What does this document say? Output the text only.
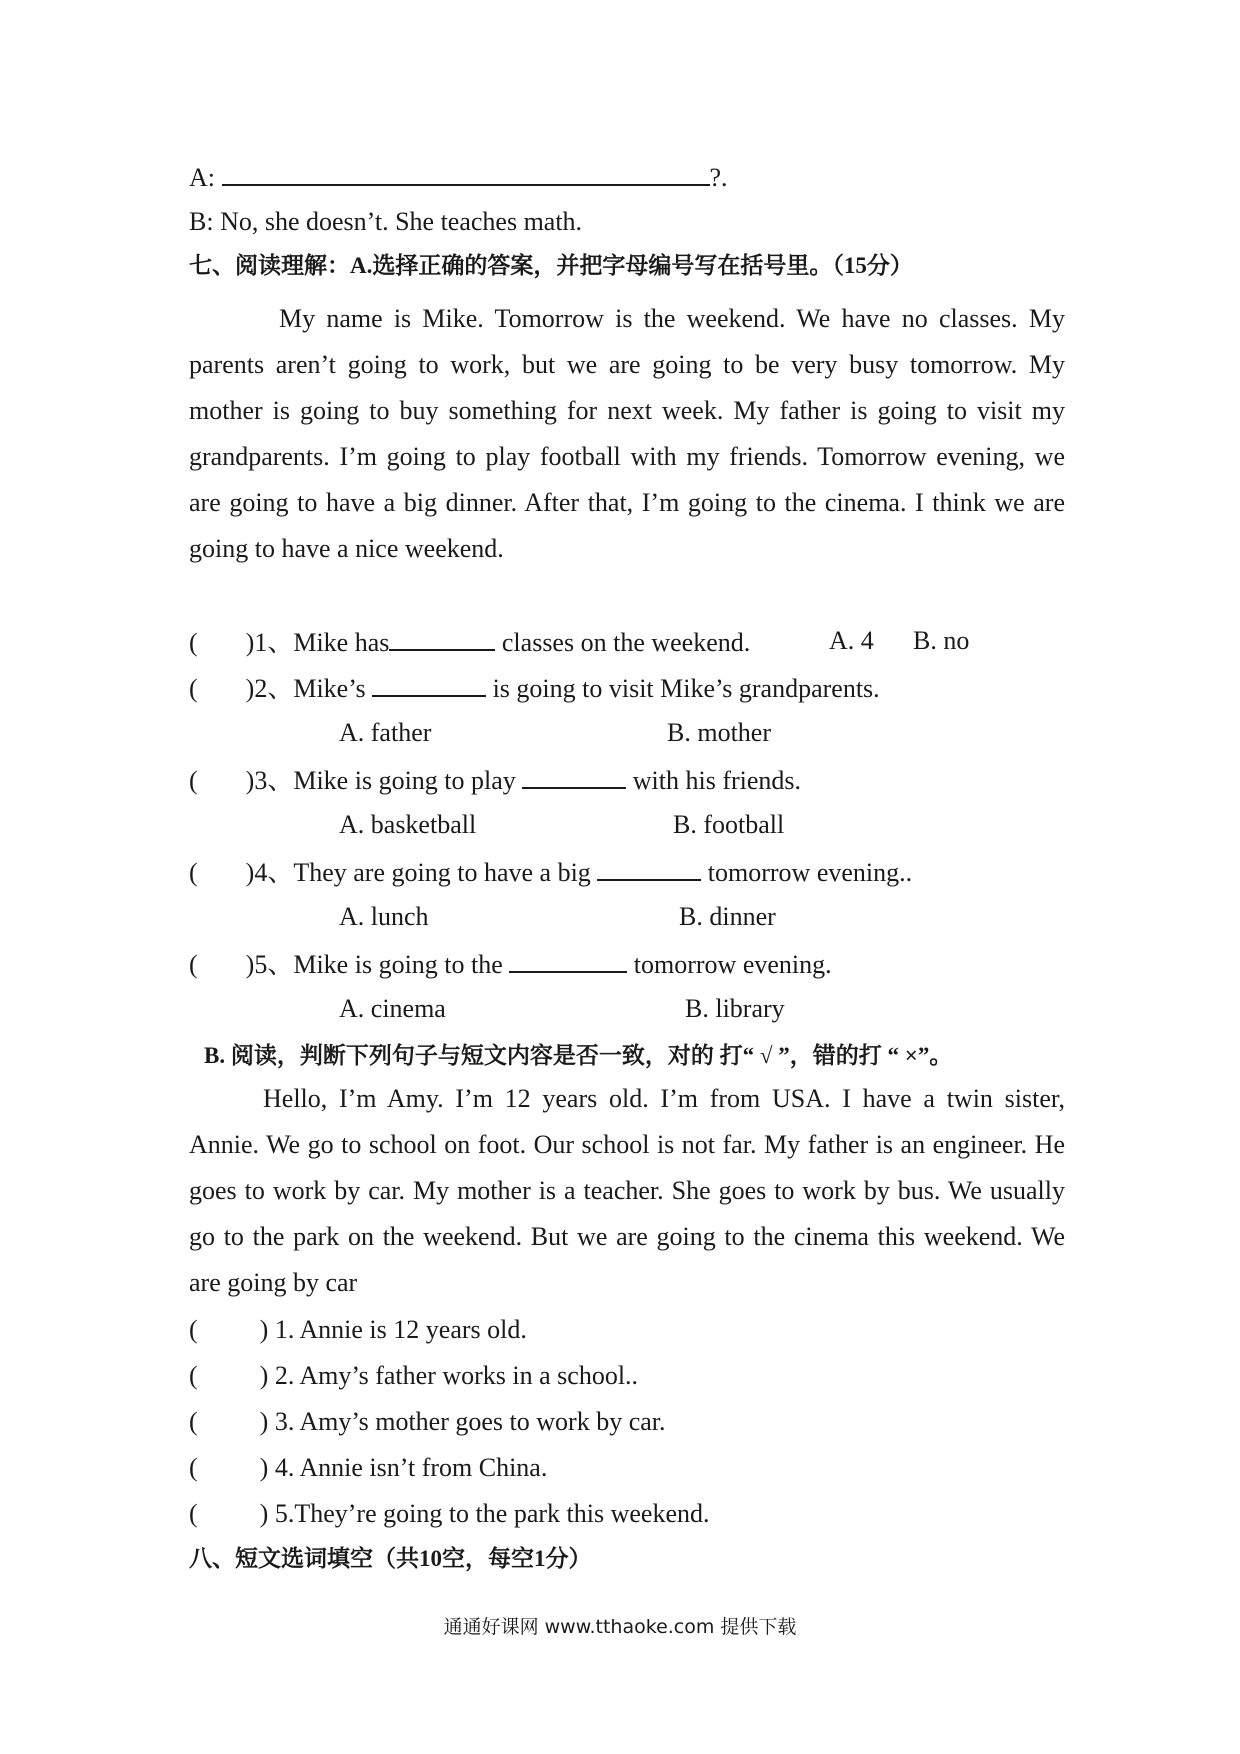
A:	?.
B: No, she doesn’t. She teaches math.
七、阅读理解：A.选择正确的答案，并把字母编号写在括号里。（15分）

My name is Mike. Tomorrow is the weekend. We have no classes. My parents aren’t going to work, but we are going to be very busy tomorrow. My mother is going to buy something for next week. My father is going to visit my grandparents. I’m going to play football with my friends. Tomorrow evening, we are going to have a big dinner. After that, I’m going to the cinema. I think we are going to have a nice weekend.

( )1、Mike has	classes on the weekend.	A. 4 B. no
( )2、Mike’s	is going to visit Mike’s grandparents.
A. father	B. mother
( )3、Mike is going to play	with his friends.
A. basketball	B. football
( )4、They are going to have a big	tomorrow evening..
A. lunch	B. dinner
( )5、Mike is going to the	tomorrow evening.
A. cinema	B. library
B. 阅读，判断下列句子与短文内容是否一致，对的 打“ √ ”，错的打 “ ×”。

Hello, I’m Amy. I’m 12 years old. I’m from USA. I have a twin sister, Annie. We go to school on foot. Our school is not far. My father is an engineer. He goes to work by car. My mother is a teacher. She goes to work by bus. We usually go to the park on the weekend. But we are going to the cinema this weekend. We are going by car

( ) 1. Annie is 12 years old.
( ) 2. Amy’s father works in a school..
( ) 3. Amy’s mother goes to work by car.
( ) 4. Annie isn’t from China.
( ) 5.They’re going to the park this weekend.
八、短文选词填空（共10空，每空1分）
通通好课网 www.tthaoke.com 提供下载
